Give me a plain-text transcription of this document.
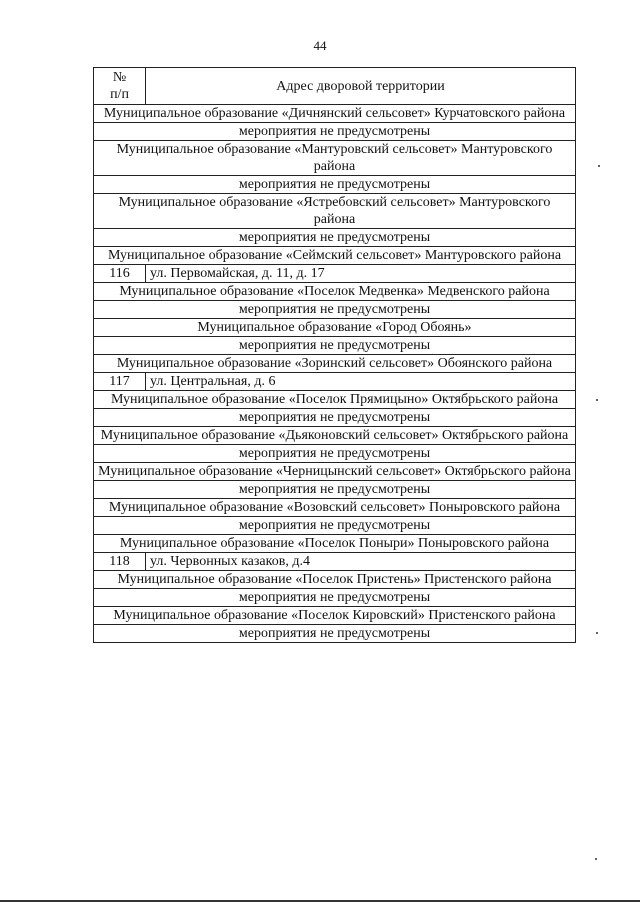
44
№
п/п	Адрес дворовой территории
Муниципальное образование «Дичнянский сельсовет» Курчатовского района	
мероприятия не предусмотрены	
Муниципальное образование «Мантуровский сельсовет» Мантуровского района	
мероприятия не предусмотрены	
Муниципальное образование «Ястребовский сельсовет» Мантуровского района	
мероприятия не предусмотрены	
Муниципальное образование «Сеймский сельсовет» Мантуровского района	
116	ул. Первомайская, д. 11, д. 17
Муниципальное образование «Поселок Медвенка» Медвенского района	
мероприятия не предусмотрены	
Муниципальное образование «Город Обоянь»	
мероприятия не предусмотрены	
Муниципальное образование «Зоринский сельсовет» Обоянского района	
117	ул. Центральная, д. 6
Муниципальное образование «Поселок Прямицыно» Октябрьского района	
мероприятия не предусмотрены	
Муниципальное образование «Дьяконовский сельсовет» Октябрьского района	
мероприятия не предусмотрены	
Муниципальное образование «Черницынский сельсовет» Октябрьского района	
мероприятия не предусмотрены	
Муниципальное образование «Возовский сельсовет» Поныровского района	
мероприятия не предусмотрены	
Муниципальное образование «Поселок Поныри» Поныровского района	
118	ул. Червонных казаков, д.4
Муниципальное образование «Поселок Пристень» Пристенского района	
мероприятия не предусмотрены	
Муниципальное образование «Поселок Кировский» Пристенского района	
мероприятия не предусмотрены	
